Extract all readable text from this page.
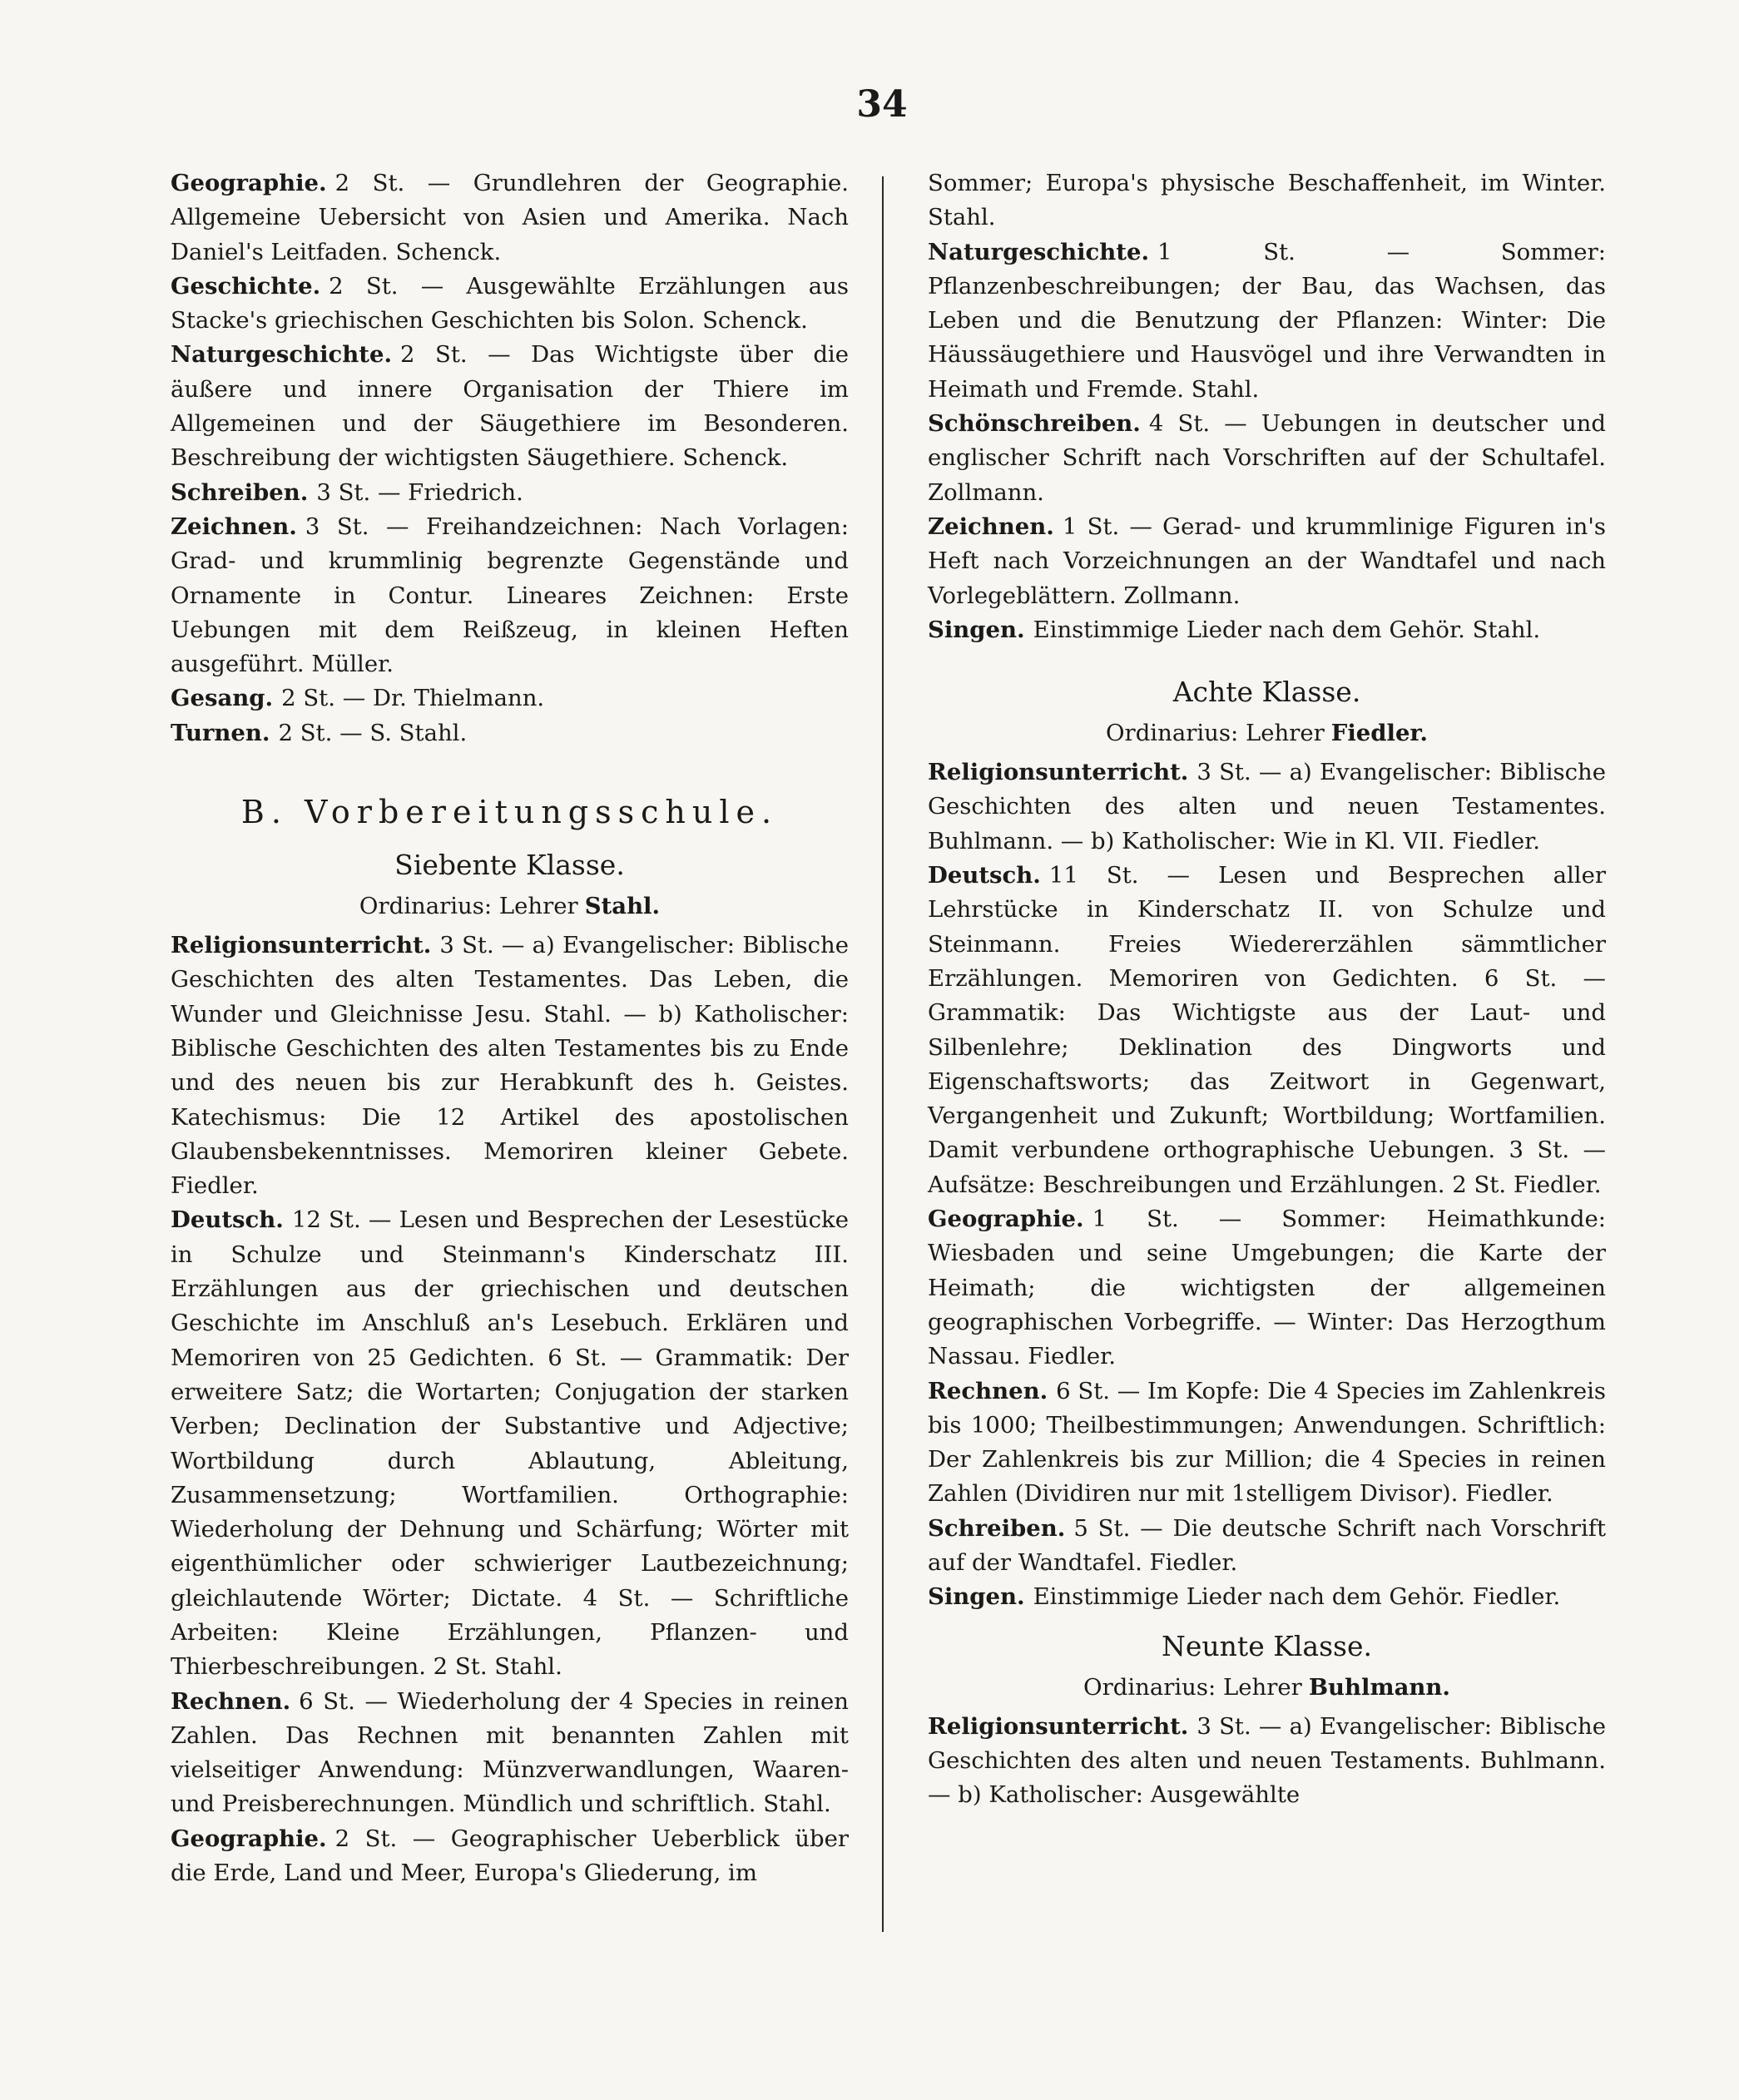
34

Geographie. 2 St. — Grundlehren der Geographie. Allgemeine Uebersicht von Asien und Amerika. Nach Daniel's Leitfaden. Schenck.

Geschichte. 2 St. — Ausgewählte Erzählungen aus Stacke's griechischen Geschichten bis Solon. Schenck.

Naturgeschichte. 2 St. — Das Wichtigste über die äußere und innere Organisation der Thiere im Allgemeinen und der Säugethiere im Besonderen. Beschreibung der wichtigsten Säugethiere. Schenck.

Schreiben. 3 St. — Friedrich.

Zeichnen. 3 St. — Freihandzeichnen: Nach Vorlagen: Grad- und krummlinig begrenzte Gegenstände und Ornamente in Contur. Lineares Zeichnen: Erste Uebungen mit dem Reißzeug, in kleinen Heften ausgeführt. Müller.

Gesang. 2 St. — Dr. Thielmann.

Turnen. 2 St. — S. Stahl.

B. Vorbereitungsschule.
Siebente Klasse.

Ordinarius: Lehrer Stahl.

Religionsunterricht. 3 St. — a) Evangelischer: Biblische Geschichten des alten Testamentes. Das Leben, die Wunder und Gleichnisse Jesu. Stahl. — b) Katholischer: Biblische Geschichten des alten Testamentes bis zu Ende und des neuen bis zur Herabkunft des h. Geistes. Katechismus: Die 12 Artikel des apostolischen Glaubensbekenntnisses. Memoriren kleiner Gebete. Fiedler.

Deutsch. 12 St. — Lesen und Besprechen der Lesestücke in Schulze und Steinmann's Kinderschatz III. Erzählungen aus der griechischen und deutschen Geschichte im Anschluß an's Lesebuch. Erklären und Memoriren von 25 Gedichten. 6 St. — Grammatik: Der erweitere Satz; die Wortarten; Conjugation der starken Verben; Declination der Substantive und Adjective; Wortbildung durch Ablautung, Ableitung, Zusammensetzung; Wortfamilien. Orthographie: Wiederholung der Dehnung und Schärfung; Wörter mit eigenthümlicher oder schwieriger Lautbezeichnung; gleichlautende Wörter; Dictate. 4 St. — Schriftliche Arbeiten: Kleine Erzählungen, Pflanzen- und Thierbeschreibungen. 2 St. Stahl.

Rechnen. 6 St. — Wiederholung der 4 Species in reinen Zahlen. Das Rechnen mit benannten Zahlen mit vielseitiger Anwendung: Münzverwandlungen, Waaren- und Preisberechnungen. Mündlich und schriftlich. Stahl.

Geographie. 2 St. — Geographischer Ueberblick über die Erde, Land und Meer, Europa's Gliederung, im

Sommer; Europa's physische Beschaffenheit, im Winter. Stahl.

Naturgeschichte. 1 St. — Sommer: Pflanzenbeschreibungen; der Bau, das Wachsen, das Leben und die Benutzung der Pflanzen: Winter: Die Häussäugethiere und Hausvögel und ihre Verwandten in Heimath und Fremde. Stahl.

Schönschreiben. 4 St. — Uebungen in deutscher und englischer Schrift nach Vorschriften auf der Schultafel. Zollmann.

Zeichnen. 1 St. — Gerad- und krummlinige Figuren in's Heft nach Vorzeichnungen an der Wandtafel und nach Vorlegeblättern. Zollmann.

Singen. Einstimmige Lieder nach dem Gehör. Stahl.

Achte Klasse.

Ordinarius: Lehrer Fiedler.

Religionsunterricht. 3 St. — a) Evangelischer: Biblische Geschichten des alten und neuen Testamentes. Buhlmann. — b) Katholischer: Wie in Kl. VII. Fiedler.

Deutsch. 11 St. — Lesen und Besprechen aller Lehrstücke in Kinderschatz II. von Schulze und Steinmann. Freies Wiedererzählen sämmtlicher Erzählungen. Memoriren von Gedichten. 6 St. — Grammatik: Das Wichtigste aus der Laut- und Silbenlehre; Deklination des Dingworts und Eigenschaftsworts; das Zeitwort in Gegenwart, Vergangenheit und Zukunft; Wortbildung; Wortfamilien. Damit verbundene orthographische Uebungen. 3 St. — Aufsätze: Beschreibungen und Erzählungen. 2 St. Fiedler.

Geographie. 1 St. — Sommer: Heimathkunde: Wiesbaden und seine Umgebungen; die Karte der Heimath; die wichtigsten der allgemeinen geographischen Vorbegriffe. — Winter: Das Herzogthum Nassau. Fiedler.

Rechnen. 6 St. — Im Kopfe: Die 4 Species im Zahlenkreis bis 1000; Theilbestimmungen; Anwendungen. Schriftlich: Der Zahlenkreis bis zur Million; die 4 Species in reinen Zahlen (Dividiren nur mit 1stelligem Divisor). Fiedler.

Schreiben. 5 St. — Die deutsche Schrift nach Vorschrift auf der Wandtafel. Fiedler.

Singen. Einstimmige Lieder nach dem Gehör. Fiedler.

Neunte Klasse.

Ordinarius: Lehrer Buhlmann.

Religionsunterricht. 3 St. — a) Evangelischer: Biblische Geschichten des alten und neuen Testaments. Buhlmann. — b) Katholischer: Ausgewählte
